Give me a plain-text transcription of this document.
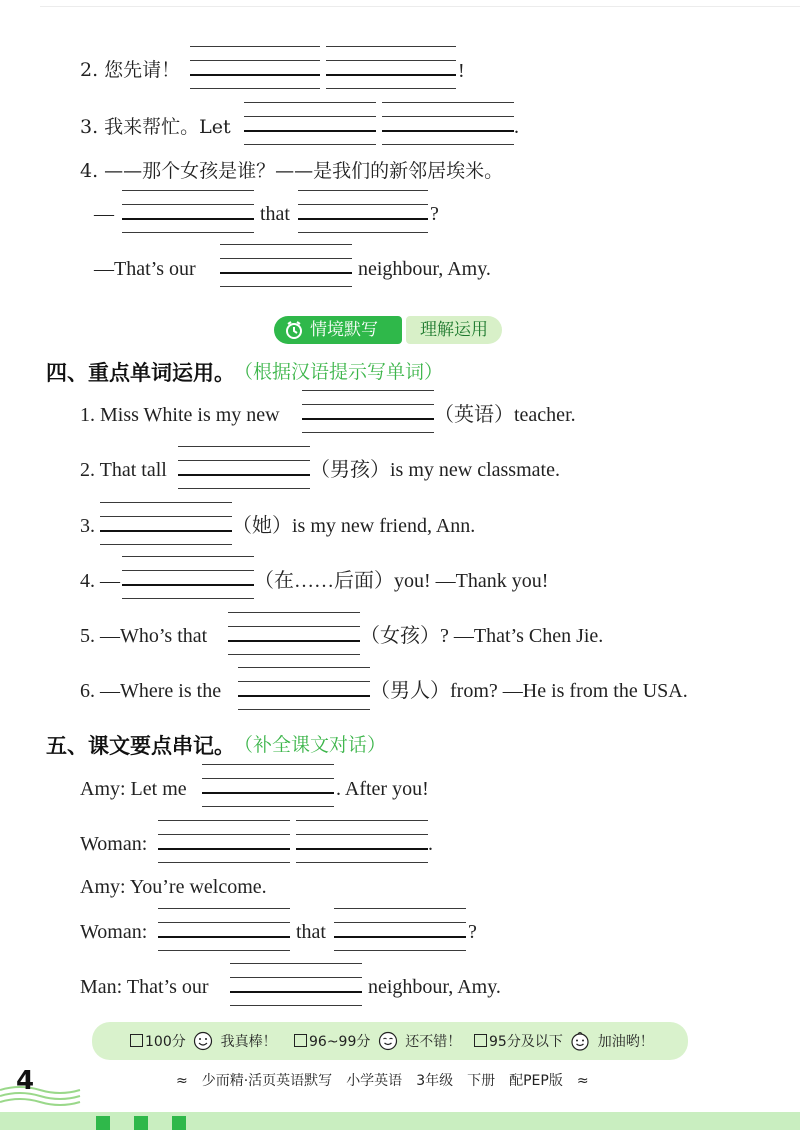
2. 您先请！	!
3. 我来帮忙。Let	.
4. ——那个女孩是谁？——是我们的新邻居埃米。
—	that	?
—That’s our	neighbour, Amy.
情境默写	理解运用
四、重点单词运用。 （根据汉语提示写单词）
1. Miss White is my new	（英语）teacher.
2. That tall	（男孩）is my new classmate.
3.	（她）is my new friend, Ann.
4. —	（在……后面）you! —Thank you!
5. —Who’s that	（女孩）? —That’s Chen Jie.
6. —Where is the	（男人）from? —He is from the USA.
五、课文要点串记。 （补全课文对话）
Amy: Let me	. After you!
Woman:	.
Amy: You’re welcome.
Woman:	that	?
Man: That’s our	neighbour, Amy.
100分 我真棒！	96~99分 还不错！	95分及以下 加油哟！
4	≈ 少而精·活页英语默写 小学英语 3年级 下册 配PEP版 ≈
